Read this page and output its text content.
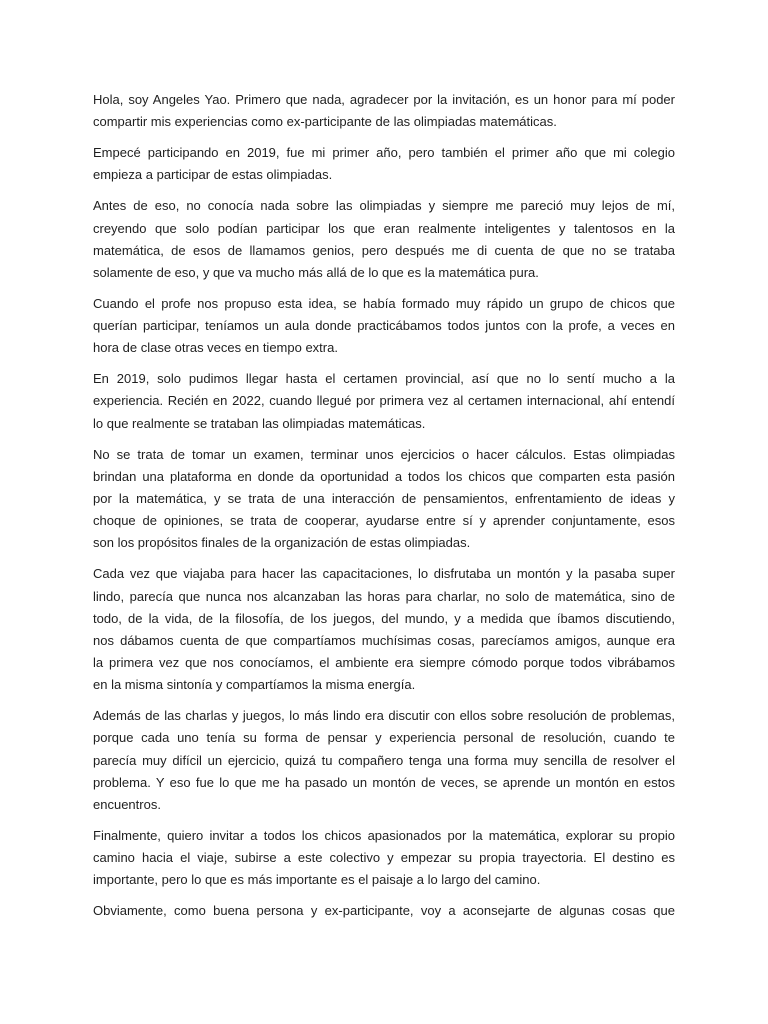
Hola, soy Angeles Yao. Primero que nada, agradecer por la invitación, es un honor para mí poder
compartir mis experiencias como ex-participante de las olimpiadas matemáticas.
Empecé participando en 2019, fue mi primer año, pero también el primer año que mi colegio
empieza a participar de estas olimpiadas.
Antes de eso, no conocía nada sobre las olimpiadas y siempre me pareció muy lejos de mí,
creyendo que solo podían participar los que eran realmente inteligentes y talentosos en la
matemática, de esos de llamamos genios, pero después me di cuenta de que no se trataba
solamente de eso, y que va mucho más allá de lo que es la matemática pura.
Cuando el profe nos propuso esta idea, se había formado muy rápido un grupo de chicos que
querían participar, teníamos un aula donde practicábamos todos juntos con la profe, a veces en
hora de clase otras veces en tiempo extra.
En 2019, solo pudimos llegar hasta el certamen provincial, así que no lo sentí mucho a la
experiencia. Recién en 2022, cuando llegué por primera vez al certamen internacional, ahí entendí
lo que realmente se trataban las olimpiadas matemáticas.
No se trata de tomar un examen, terminar unos ejercicios o hacer cálculos. Estas olimpiadas
brindan una plataforma en donde da oportunidad a todos los chicos que comparten esta pasión
por la matemática, y se trata de una interacción de pensamientos, enfrentamiento de ideas y
choque de opiniones, se trata de cooperar, ayudarse entre sí y aprender conjuntamente, esos
son los propósitos finales de la organización de estas olimpiadas.
Cada vez que viajaba para hacer las capacitaciones, lo disfrutaba un montón y la pasaba super
lindo, parecía que nunca nos alcanzaban las horas para charlar, no solo de matemática, sino de
todo, de la vida, de la filosofía, de los juegos, del mundo, y a medida que íbamos discutiendo,
nos dábamos cuenta de que compartíamos muchísimas cosas, parecíamos amigos, aunque era
la primera vez que nos conocíamos, el ambiente era siempre cómodo porque todos vibrábamos
en la misma sintonía y compartíamos la misma energía.
Además de las charlas y juegos, lo más lindo era discutir con ellos sobre resolución de problemas,
porque cada uno tenía su forma de pensar y experiencia personal de resolución, cuando te
parecía muy difícil un ejercicio, quizá tu compañero tenga una forma muy sencilla de resolver el
problema. Y eso fue lo que me ha pasado un montón de veces, se aprende un montón en estos
encuentros.
Finalmente, quiero invitar a todos los chicos apasionados por la matemática, explorar su propio
camino hacia el viaje, subirse a este colectivo y empezar su propia trayectoria. El destino es
importante, pero lo que es más importante es el paisaje a lo largo del camino.
Obviamente, como buena persona y ex-participante, voy a aconsejarte de algunas cosas que
